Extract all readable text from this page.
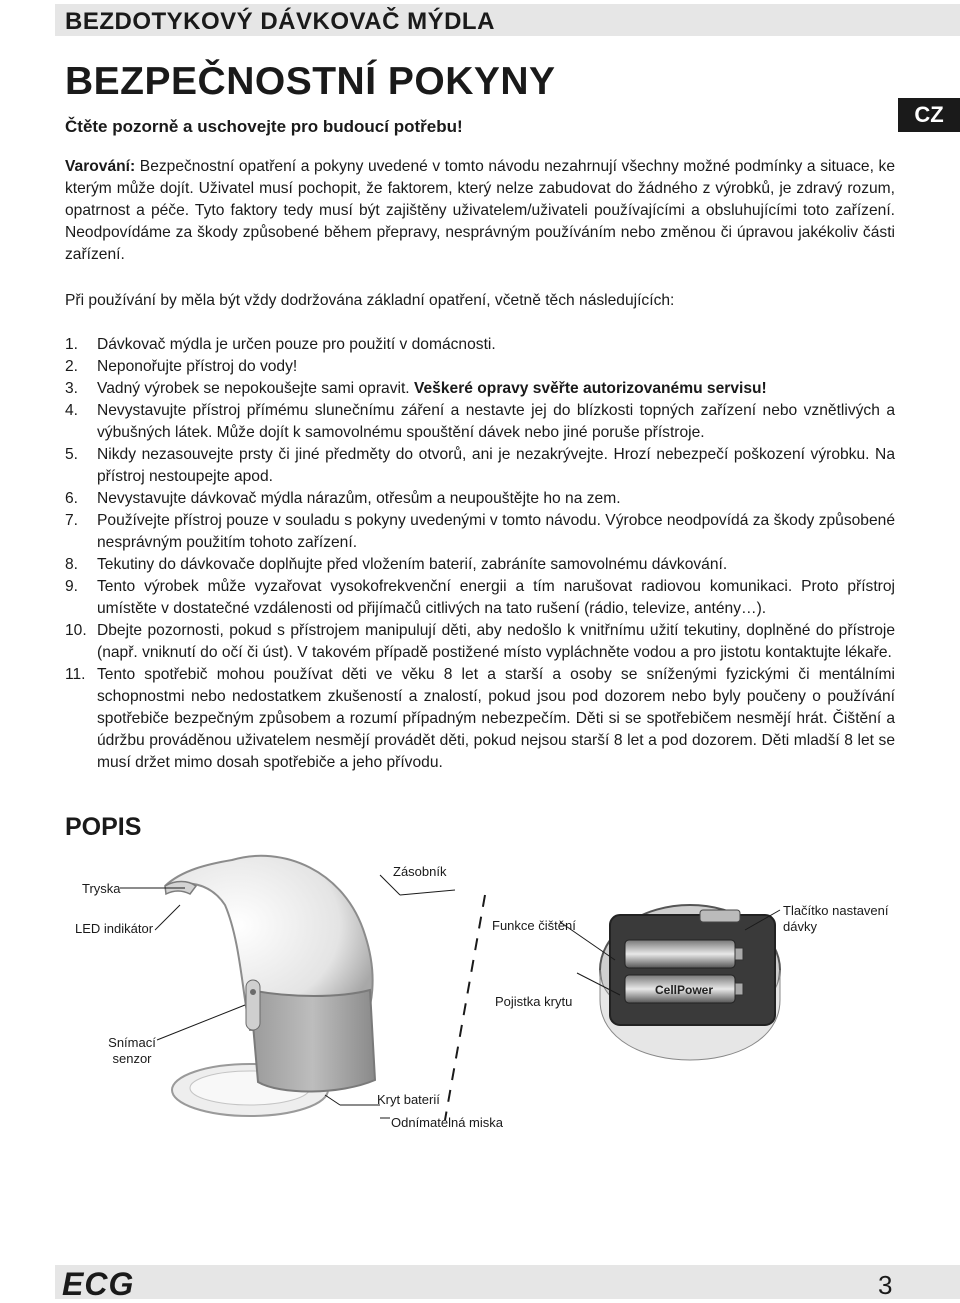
BEZDOTYKOVÝ DÁVKOVAČ MÝDLA
BEZPEČNOSTNÍ POKYNY
CZ
Čtěte pozorně a uschovejte pro budoucí potřebu!
Varování: Bezpečnostní opatření a pokyny uvedené v tomto návodu nezahrnují všechny možné podmínky a situace, ke kterým může dojít. Uživatel musí pochopit, že faktorem, který nelze zabudovat do žádného z výrobků, je zdravý rozum, opatrnost a péče. Tyto faktory tedy musí být zajištěny uživatelem/uživateli používajícími a obsluhujícími toto zařízení. Neodpovídáme za škody způsobené během přepravy, nesprávným používáním nebo změnou či úpravou jakékoliv části zařízení.
Při používání by měla být vždy dodržována základní opatření, včetně těch následujících:
1.	Dávkovač mýdla je určen pouze pro použití v domácnosti.
2.	Neponořujte přístroj do vody!
3.	Vadný výrobek se nepokoušejte sami opravit. Veškeré opravy svěřte autorizovanému servisu!
4.	Nevystavujte přístroj přímému slunečnímu záření a nestavte jej do blízkosti topných zařízení nebo vznětlivých a výbušných látek. Může dojít k samovolnému spouštění dávek nebo jiné poruše přístroje.
5.	Nikdy nezasouvejte prsty či jiné předměty do otvorů, ani je nezakrývejte. Hrozí nebezpečí poškození výrobku. Na přístroj nestoupejte apod.
6.	Nevystavujte dávkovač mýdla nárazům, otřesům a neupouštějte ho na zem.
7.	Používejte přístroj pouze v souladu s pokyny uvedenými v tomto návodu. Výrobce neodpovídá za škody způsobené nesprávným použitím tohoto zařízení.
8.	Tekutiny do dávkovače doplňujte před vložením baterií, zabráníte samovolnému dávkování.
9.	Tento výrobek může vyzařovat vysokofrekvenční energii a tím narušovat radiovou komunikaci. Proto přístroj umístěte v dostatečné vzdálenosti od přijímačů citlivých na tato rušení (rádio, televize, antény…).
10. Dbejte pozornosti, pokud s přístrojem manipulují děti, aby nedošlo k vnitřnímu užití tekutiny, doplněné do přístroje (např. vniknutí do očí či úst). V takovém případě postižené místo vypláchněte vodou a pro jistotu kontaktujte lékaře.
11. Tento spotřebič mohou používat děti ve věku 8 let a starší a osoby se sníženými fyzickými či mentálními schopnostmi nebo nedostatkem zkušeností a znalostí, pokud jsou pod dozorem nebo byly poučeny o používání spotřebiče bezpečným způsobem a rozumí případným nebezpečím. Děti si se spotřebičem nesmějí hrát. Čištění a údržbu prováděnou uživatelem nesmějí provádět děti, pokud nejsou starší 8 let a pod dozorem. Děti mladší 8 let se musí držet mimo dosah spotřebiče a jeho přívodu.
POPIS
CellPower
Tryska
LED indikátor
Snímací senzor
Zásobník
Funkce čištění
Tlačítko nastavení dávky
Pojistka krytu
Kryt baterií
Odnímatelná miska
ECG	3
